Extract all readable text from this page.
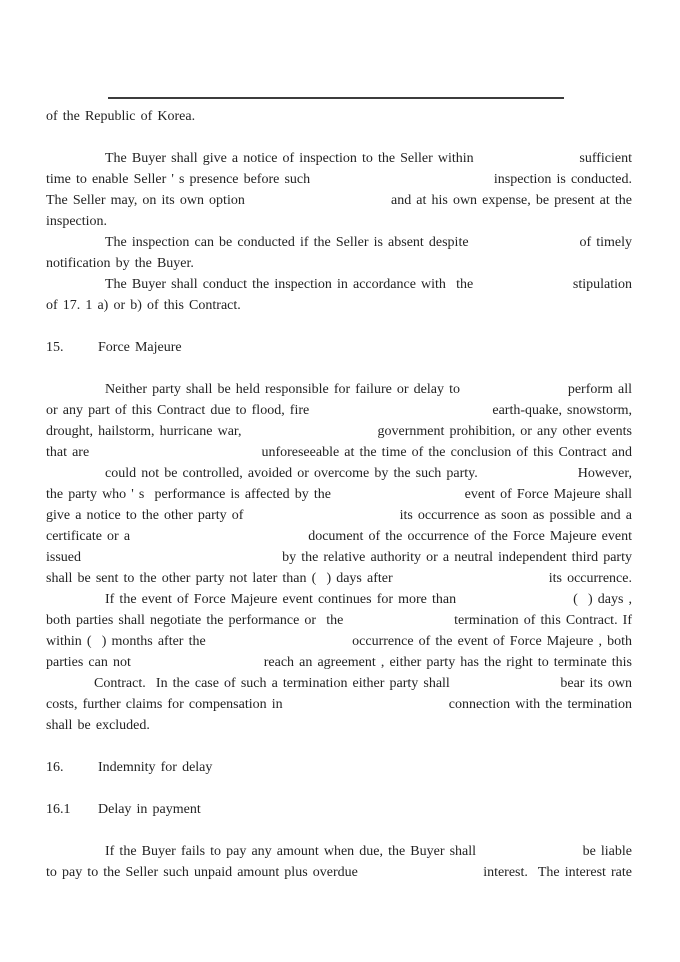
of the Republic of Korea.
The Buyer shall give a notice of inspection to the Seller within	sufficient
time to enable Seller ' s presence before such	inspection is conducted.
The Seller may, on its own option	and at his own expense, be present at the
inspection.
The inspection can be conducted if the Seller is absent despite	of timely
notification by the Buyer.
The Buyer shall conduct the inspection in accordance with  the	stipulation
of 17. 1 a) or b) of this Contract.
15.	Force Majeure
Neither party shall be held responsible for failure or delay to	perform all
or any part of this Contract due to flood, fire	earth-quake, snowstorm,
drought, hailstorm, hurricane war,	government prohibition, or any other events
that are	unforeseeable at the time of the conclusion of this Contract and
could not be controlled, avoided or overcome by the such party.	However,
the party who ' s  performance is affected by the	event of Force Majeure shall
give a notice to the other party of	its occurrence as soon as possible and a
certificate or a	document of the occurrence of the Force Majeure event
issued	by the relative authority or a neutral independent third party
shall be sent to the other party not later than (  ) days after	its occurrence.
If the event of Force Majeure event continues for more than	(  ) days ,
both parties shall negotiate the performance or  the	termination of this Contract. If
within (  ) months after the	occurrence of the event of Force Majeure , both
parties can not	reach an agreement , either party has the right to terminate this
Contract.  In the case of such a termination either party shall	bear its own
costs, further claims for compensation in	connection with the termination
shall be excluded.
16.	Indemnity for delay
16.1	Delay in payment
If the Buyer fails to pay any amount when due, the Buyer shall	be liable
to pay to the Seller such unpaid amount plus overdue	interest.  The interest rate
